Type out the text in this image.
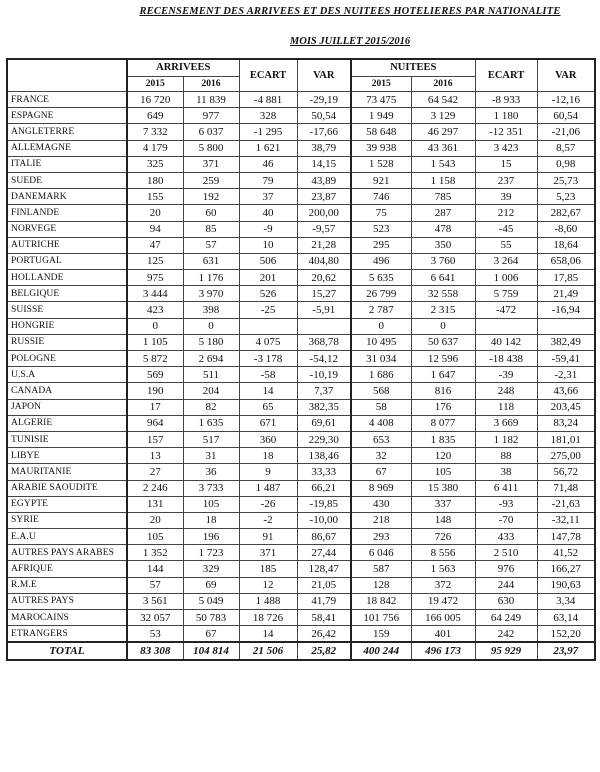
RECENSEMENT DES ARRIVEES ET DES NUITEES HOTELIERES PAR NATIONALITE
MOIS JUILLET 2015/2016
	ARRIVEES		ECART	VAR	NUITEES		ECART	VAR
	2015	2016			2015	2016		
FRANCE	16 720	11 839	-4 881	-29,19	73 475	64 542	-8 933	-12,16
ESPAGNE	649	977	328	50,54	1 949	3 129	1 180	60,54
ANGLETERRE	7 332	6 037	-1 295	-17,66	58 648	46 297	-12 351	-21,06
ALLEMAGNE	4 179	5 800	1 621	38,79	39 938	43 361	3 423	8,57
ITALIE	325	371	46	14,15	1 528	1 543	15	0,98
SUEDE	180	259	79	43,89	921	1 158	237	25,73
DANEMARK	155	192	37	23,87	746	785	39	5,23
FINLANDE	20	60	40	200,00	75	287	212	282,67
NORVEGE	94	85	-9	-9,57	523	478	-45	-8,60
AUTRICHE	47	57	10	21,28	295	350	55	18,64
PORTUGAL	125	631	506	404,80	496	3 760	3 264	658,06
HOLLANDE	975	1 176	201	20,62	5 635	6 641	1 006	17,85
BELGIQUE	3 444	3 970	526	15,27	26 799	32 558	5 759	21,49
SUISSE	423	398	-25	-5,91	2 787	2 315	-472	-16,94
HONGRIE	0	0			0	0		
RUSSIE	1 105	5 180	4 075	368,78	10 495	50 637	40 142	382,49
POLOGNE	5 872	2 694	-3 178	-54,12	31 034	12 596	-18 438	-59,41
U.S.A	569	511	-58	-10,19	1 686	1 647	-39	-2,31
CANADA	190	204	14	7,37	568	816	248	43,66
JAPON	17	82	65	382,35	58	176	118	203,45
ALGERIE	964	1 635	671	69,61	4 408	8 077	3 669	83,24
TUNISIE	157	517	360	229,30	653	1 835	1 182	181,01
LIBYE	13	31	18	138,46	32	120	88	275,00
MAURITANIE	27	36	9	33,33	67	105	38	56,72
ARABIE SAOUDITE	2 246	3 733	1 487	66,21	8 969	15 380	6 411	71,48
EGYPTE	131	105	-26	-19,85	430	337	-93	-21,63
SYRIE	20	18	-2	-10,00	218	148	-70	-32,11
E.A.U	105	196	91	86,67	293	726	433	147,78
AUTRES PAYS ARABES	1 352	1 723	371	27,44	6 046	8 556	2 510	41,52
AFRIQUE	144	329	185	128,47	587	1 563	976	166,27
R.M.E	57	69	12	21,05	128	372	244	190,63
AUTRES PAYS	3 561	5 049	1 488	41,79	18 842	19 472	630	3,34
MAROCAINS	32 057	50 783	18 726	58,41	101 756	166 005	64 249	63,14
ETRANGERS	53	67	14	26,42	159	401	242	152,20
TOTAL	83 308	104 814	21 506	25,82	400 244	496 173	95 929	23,97
